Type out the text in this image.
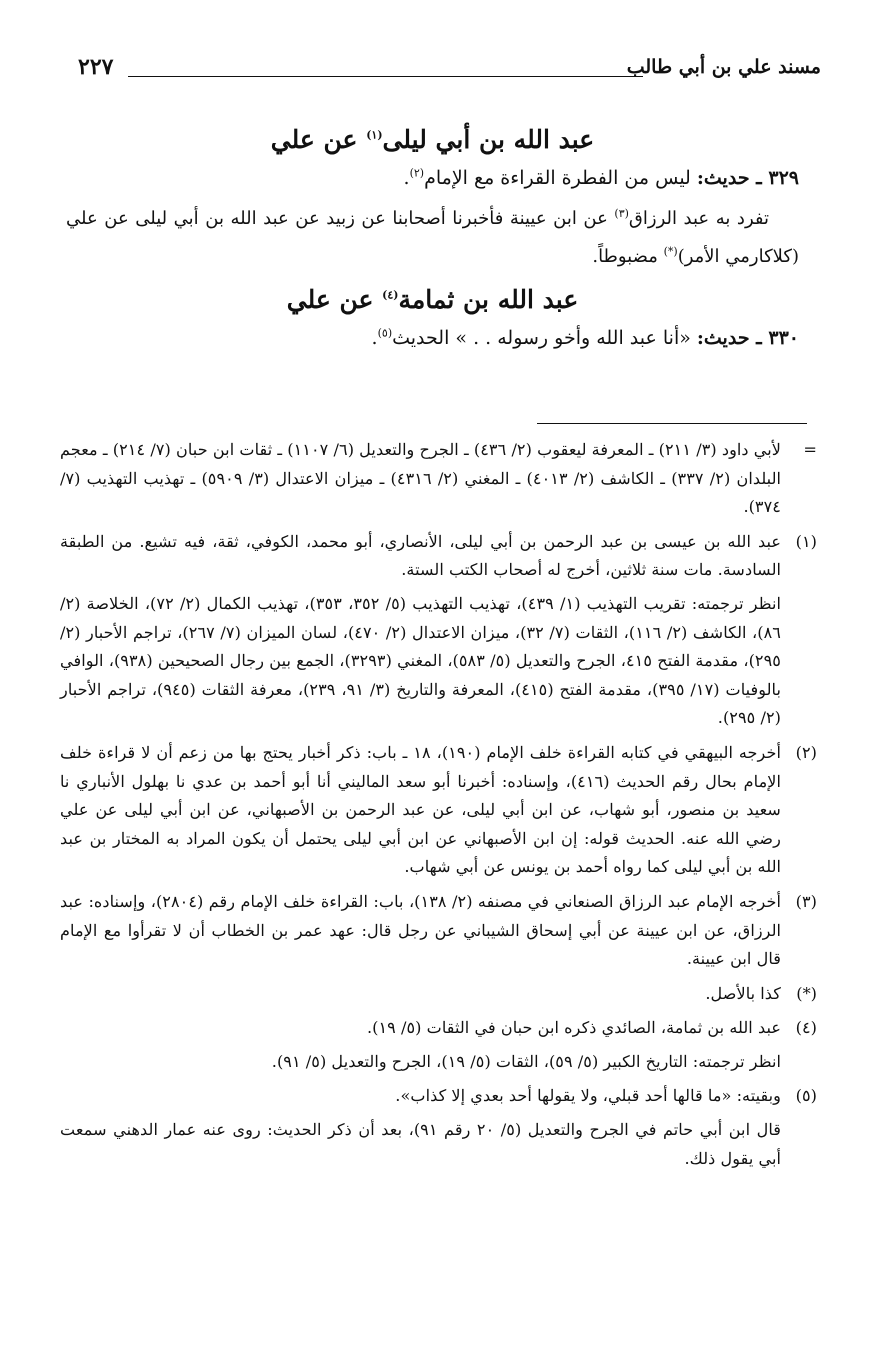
مسند علي بن أبي طالب
٢٢٧
عبد الله بن أبي ليلى$^{(١)}$ عن علي
٣٢٩ ـ حديث: ليس من الفطرة القراءة مع الإمام$^{(٢)}$.
تفرد به عبد الرزاق$^{(٣)}$ عن ابن عيينة فأخبرنا أصحابنا عن زبيد عن عبد الله بن أبي ليلى عن علي (كلاكارمي الأمر)(*) مضبوطاً.
عبد الله بن ثمامة$^{(٤)}$ عن علي
٣٣٠ ـ حديث: «أنا عبد الله وأخو رسوله . . » الحديث$^{(٥)}$.
=

لأبي داود (٣/ ٢١١) ـ المعرفة ليعقوب (٢/ ٤٣٦) ـ الجرح والتعديل (٦/ ١١٠٧) ـ ثقات ابن حبان (٧/ ٢١٤) ـ معجم البلدان (٢/ ٣٣٧) ـ الكاشف (٢/ ٤٠١٣) ـ المغني (٢/ ٤٣١٦) ـ ميزان الاعتدال (٣/ ٥٩٠٩) ـ تهذيب التهذيب (٧/ ٣٧٤).

(١)

عبد الله بن عيسى بن عبد الرحمن بن أبي ليلى، الأنصاري، أبو محمد، الكوفي، ثقة، فيه تشيع. من الطبقة السادسة. مات سنة ثلاثين، أخرج له أصحاب الكتب الستة.

انظر ترجمته: تقريب التهذيب (١/ ٤٣٩)، تهذيب التهذيب (٥/ ٣٥٢، ٣٥٣)، تهذيب الكمال (٢/ ٧٢)، الخلاصة (٢/ ٨٦)، الكاشف (٢/ ١١٦)، الثقات (٧/ ٣٢)، ميزان الاعتدال (٢/ ٤٧٠)، لسان الميزان (٧/ ٢٦٧)، تراجم الأحبار (٢/ ٢٩٥)، مقدمة الفتح ٤١٥، الجرح والتعديل (٥/ ٥٨٣)، المغني (٣٢٩٣)، الجمع بين رجال الصحيحين (٩٣٨)، الوافي بالوفيات (١٧/ ٣٩٥)، مقدمة الفتح (٤١٥)، المعرفة والتاريخ (٣/ ٩١، ٢٣٩)، معرفة الثقات (٩٤٥)، تراجم الأحبار (٢/ ٢٩٥).

(٢)

أخرجه البيهقي في كتابه القراءة خلف الإمام (١٩٠)، ١٨ ـ باب: ذكر أخبار يحتج بها من زعم أن لا قراءة خلف الإمام بحال رقم الحديث (٤١٦)، وإسناده: أخبرنا أبو سعد الماليني أنا أبو أحمد بن عدي نا بهلول الأنباري نا سعيد بن منصور، أبو شهاب، عن ابن أبي ليلى، عن عبد الرحمن بن الأصبهاني، عن ابن أبي ليلى عن علي رضي الله عنه. الحديث قوله: إن ابن الأصبهاني عن ابن أبي ليلى يحتمل أن يكون المراد به المختار بن عبد الله بن أبي ليلى كما رواه أحمد بن يونس عن أبي شهاب.

(٣)

أخرجه الإمام عبد الرزاق الصنعاني في مصنفه (٢/ ١٣٨)، باب: القراءة خلف الإمام رقم (٢٨٠٤)، وإسناده: عبد الرزاق، عن ابن عيينة عن أبي إسحاق الشيباني عن رجل قال: عهد عمر بن الخطاب أن لا تقرأوا مع الإمام قال ابن عيينة.

(*)

كذا بالأصل.

(٤)

عبد الله بن ثمامة، الصائدي ذكره ابن حبان في الثقات (٥/ ١٩).

انظر ترجمته: التاريخ الكبير (٥/ ٥٩)، الثقات (٥/ ١٩)، الجرح والتعديل (٥/ ٩١).

(٥)

وبقيته: «ما قالها أحد قبلي، ولا يقولها أحد بعدي إلا كذاب».

قال ابن أبي حاتم في الجرح والتعديل (٥/ ٢٠ رقم ٩١)، بعد أن ذكر الحديث: روى عنه عمار الدهني سمعت أبي يقول ذلك.
